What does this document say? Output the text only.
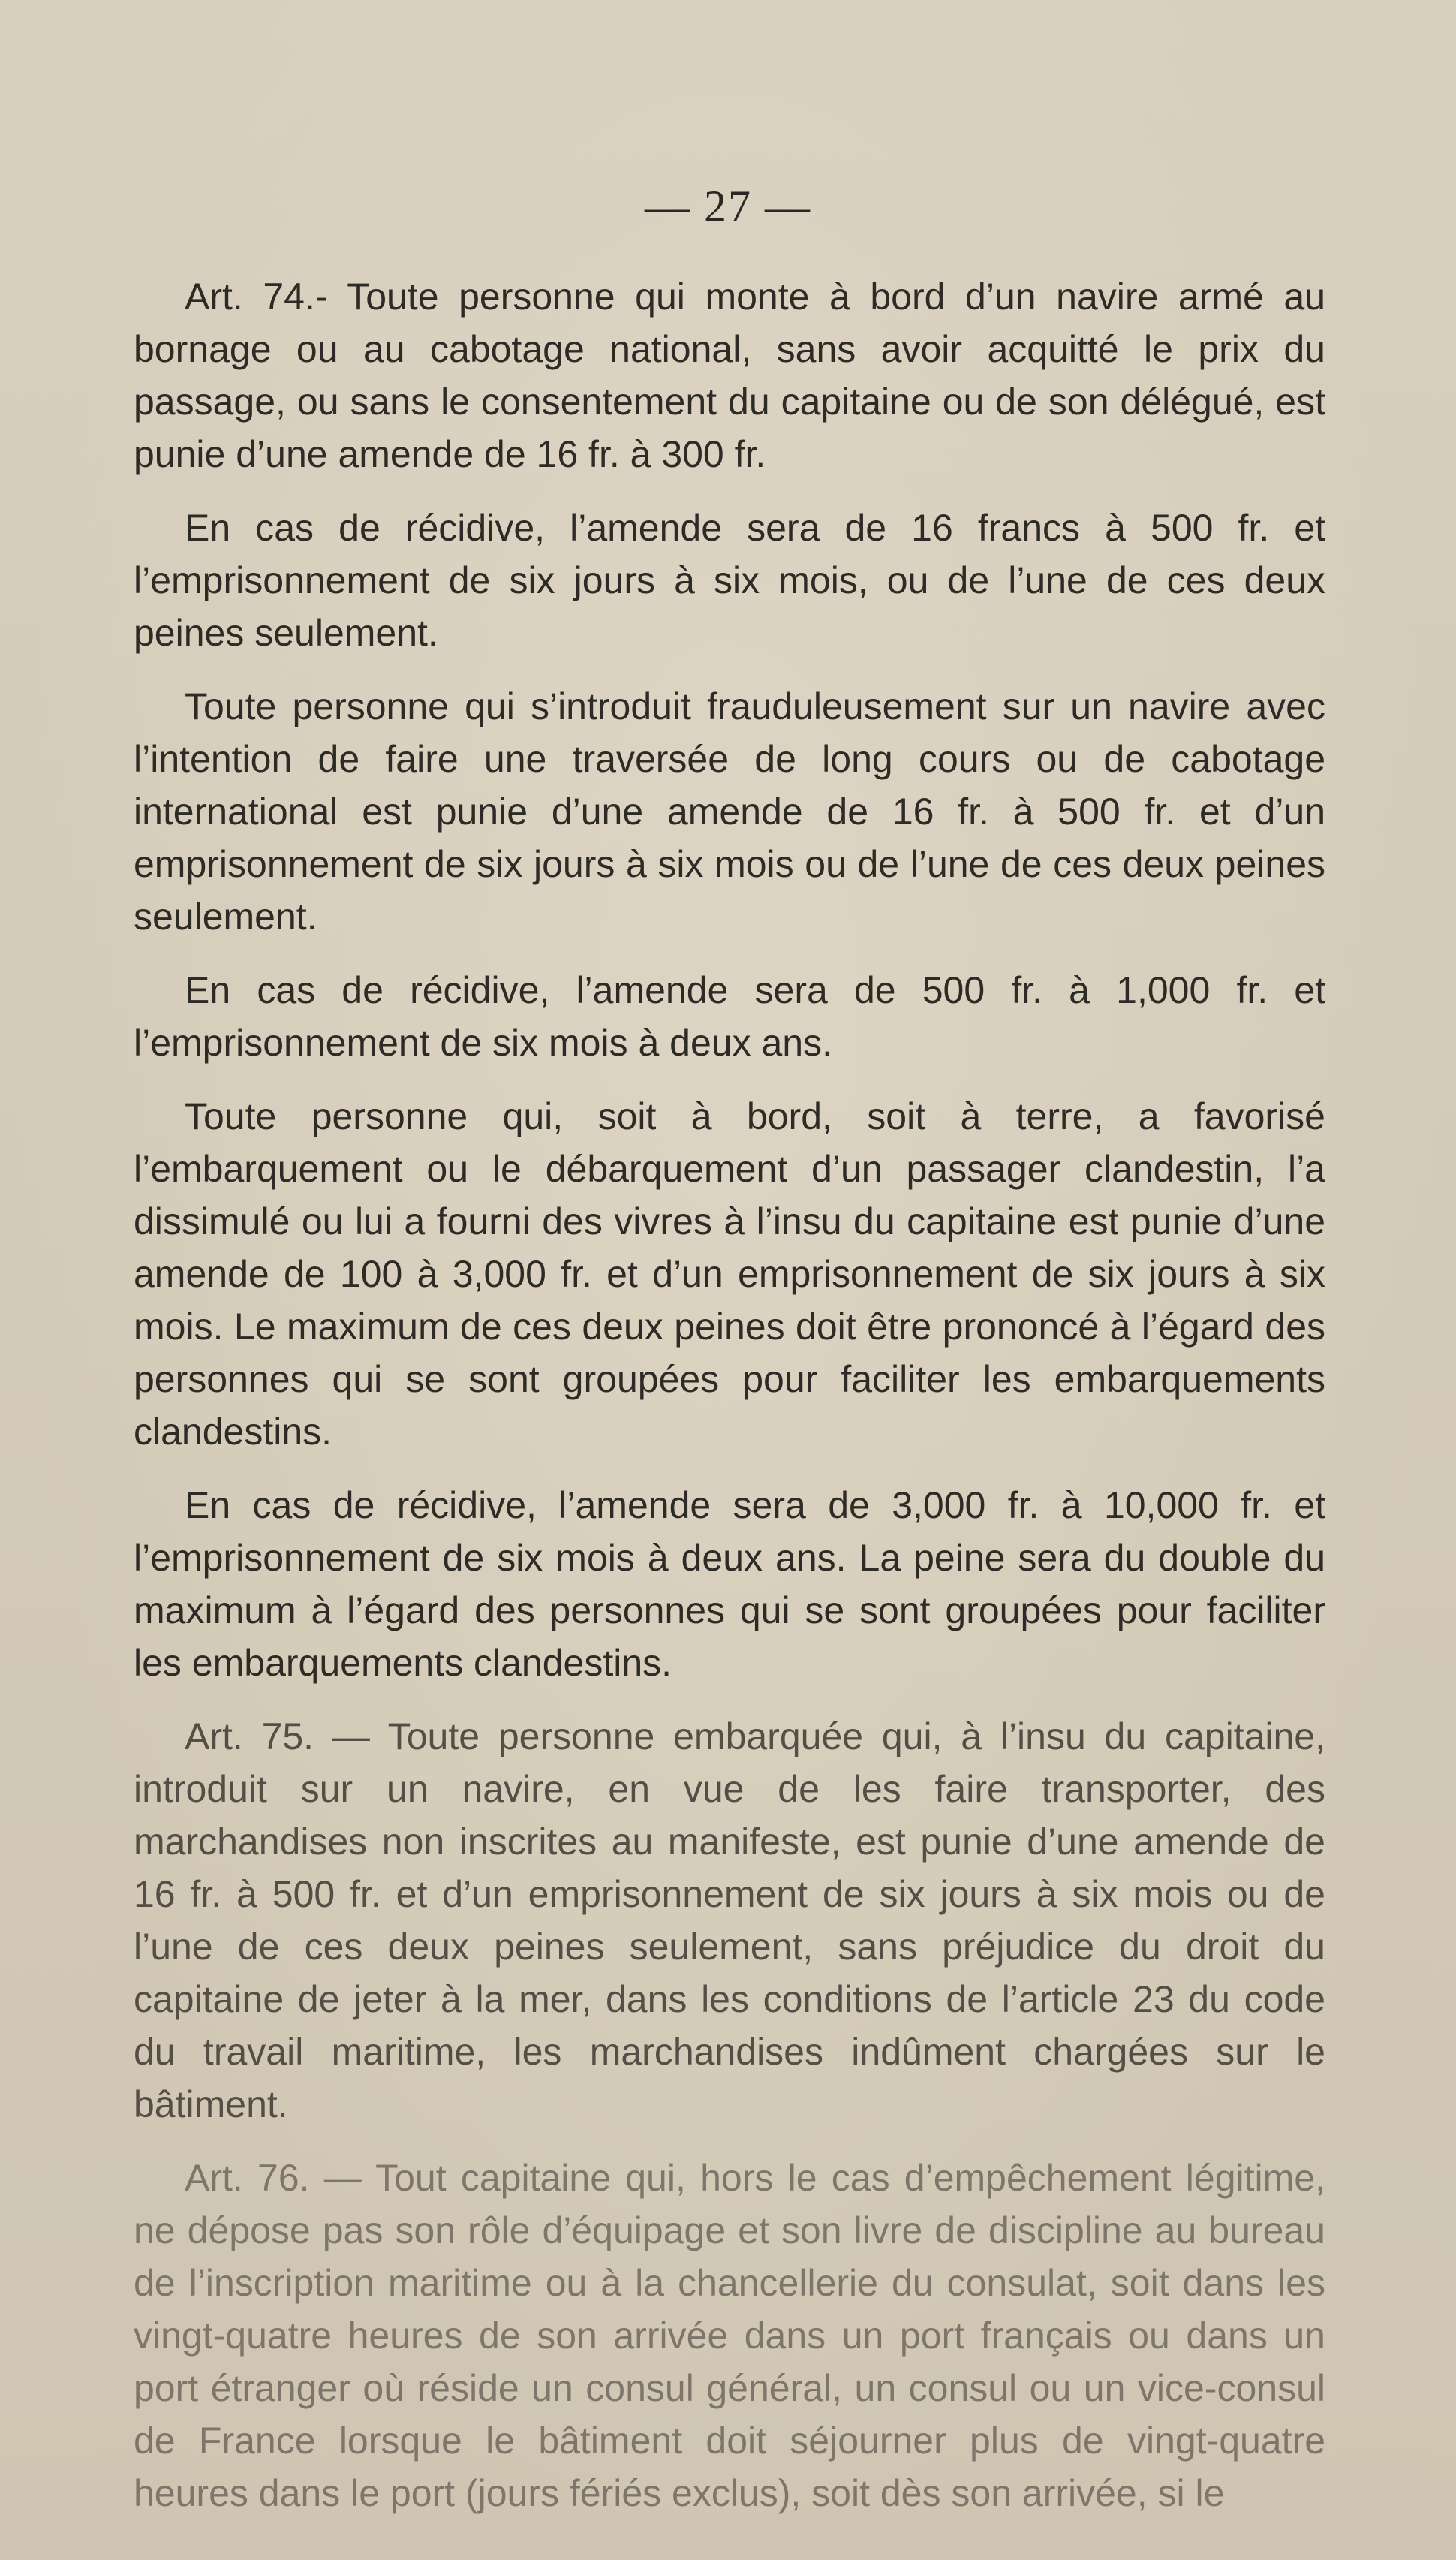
— 27 —

Art. 74.- Toute personne qui monte à bord d’un navire armé au bornage ou au cabotage national, sans avoir acquitté le prix du passage, ou sans le consentement du capitaine ou de son délégué, est punie d’une amende de 16 fr. à 300 fr.

En cas de récidive, l’amende sera de 16 francs à 500 fr. et l’emprisonnement de six jours à six mois, ou de l’une de ces deux peines seulement.

Toute personne qui s’introduit frauduleusement sur un navire avec l’intention de faire une traversée de long cours ou de cabotage international est punie d’une amende de 16 fr. à 500 fr. et d’un emprisonnement de six jours à six mois ou de l’une de ces deux peines seulement.

En cas de récidive, l’amende sera de 500 fr. à 1,000 fr. et l’emprisonnement de six mois à deux ans.

Toute personne qui, soit à bord, soit à terre, a favorisé l’embarquement ou le débarquement d’un passager clandestin, l’a dissimulé ou lui a fourni des vivres à l’insu du capitaine est punie d’une amende de 100 à 3,000 fr. et d’un emprisonnement de six jours à six mois. Le maximum de ces deux peines doit être prononcé à l’égard des personnes qui se sont groupées pour faciliter les embarquements clandestins.

En cas de récidive, l’amende sera de 3,000 fr. à 10,000 fr. et l’emprisonnement de six mois à deux ans. La peine sera du double du maximum à l’égard des personnes qui se sont groupées pour faciliter les embarquements clandestins.

Art. 75. — Toute personne embarquée qui, à l’insu du capitaine, introduit sur un navire, en vue de les faire transporter, des marchandises non inscrites au manifeste, est punie d’une amende de 16 fr. à 500 fr. et d’un emprisonnement de six jours à six mois ou de l’une de ces deux peines seulement, sans préjudice du droit du capitaine de jeter à la mer, dans les conditions de l’article 23 du code du travail maritime, les marchandises indûment chargées sur le bâtiment.

Art. 76. — Tout capitaine qui, hors le cas d’empêchement légitime, ne dépose pas son rôle d’équipage et son livre de discipline au bureau de l’inscription maritime ou à la chancellerie du consulat, soit dans les vingt-quatre heures de son arrivée dans un port français ou dans un port étranger où réside un consul général, un consul ou un vice-consul de France lorsque le bâtiment doit séjourner plus de vingt-quatre heures dans le port (jours fériés exclus), soit dès son arrivée, si le
